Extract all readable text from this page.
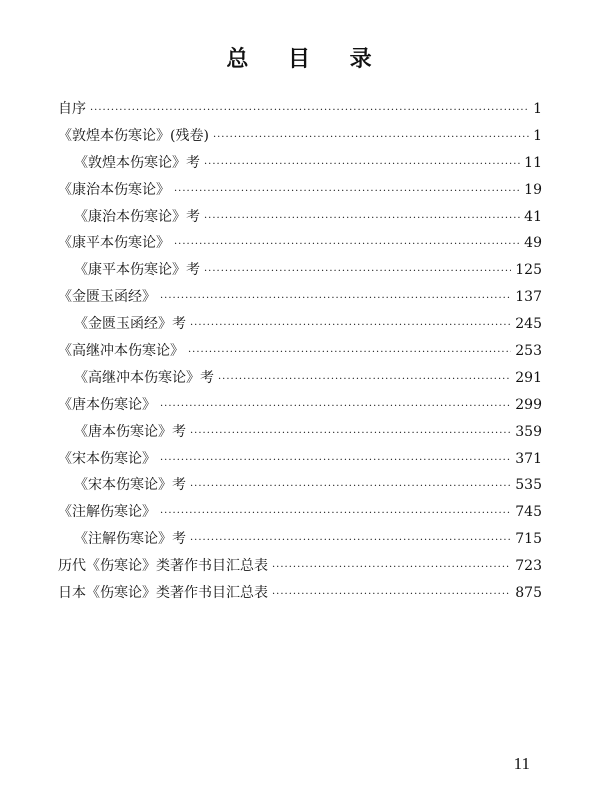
总 目 录
自序 ·····	1
《敦煌本伤寒论》(残卷) ·····	1
《敦煌本伤寒论》考 ·····	11
《康治本伤寒论》 ·····	19
《康治本伤寒论》考 ·····	41
《康平本伤寒论》 ·····	49
《康平本伤寒论》考 ·····	125
《金匮玉函经》 ·····	137
《金匮玉函经》考 ·····	245
《高继冲本伤寒论》 ·····	253
《高继冲本伤寒论》考 ·····	291
《唐本伤寒论》 ·····	299
《唐本伤寒论》考 ·····	359
《宋本伤寒论》 ·····	371
《宋本伤寒论》考 ·····	535
《注解伤寒论》 ·····	745
《注解伤寒论》考 ·····	715
历代《伤寒论》类著作书目汇总表 ·····	723
日本《伤寒论》类著作书目汇总表 ·····	875
11
